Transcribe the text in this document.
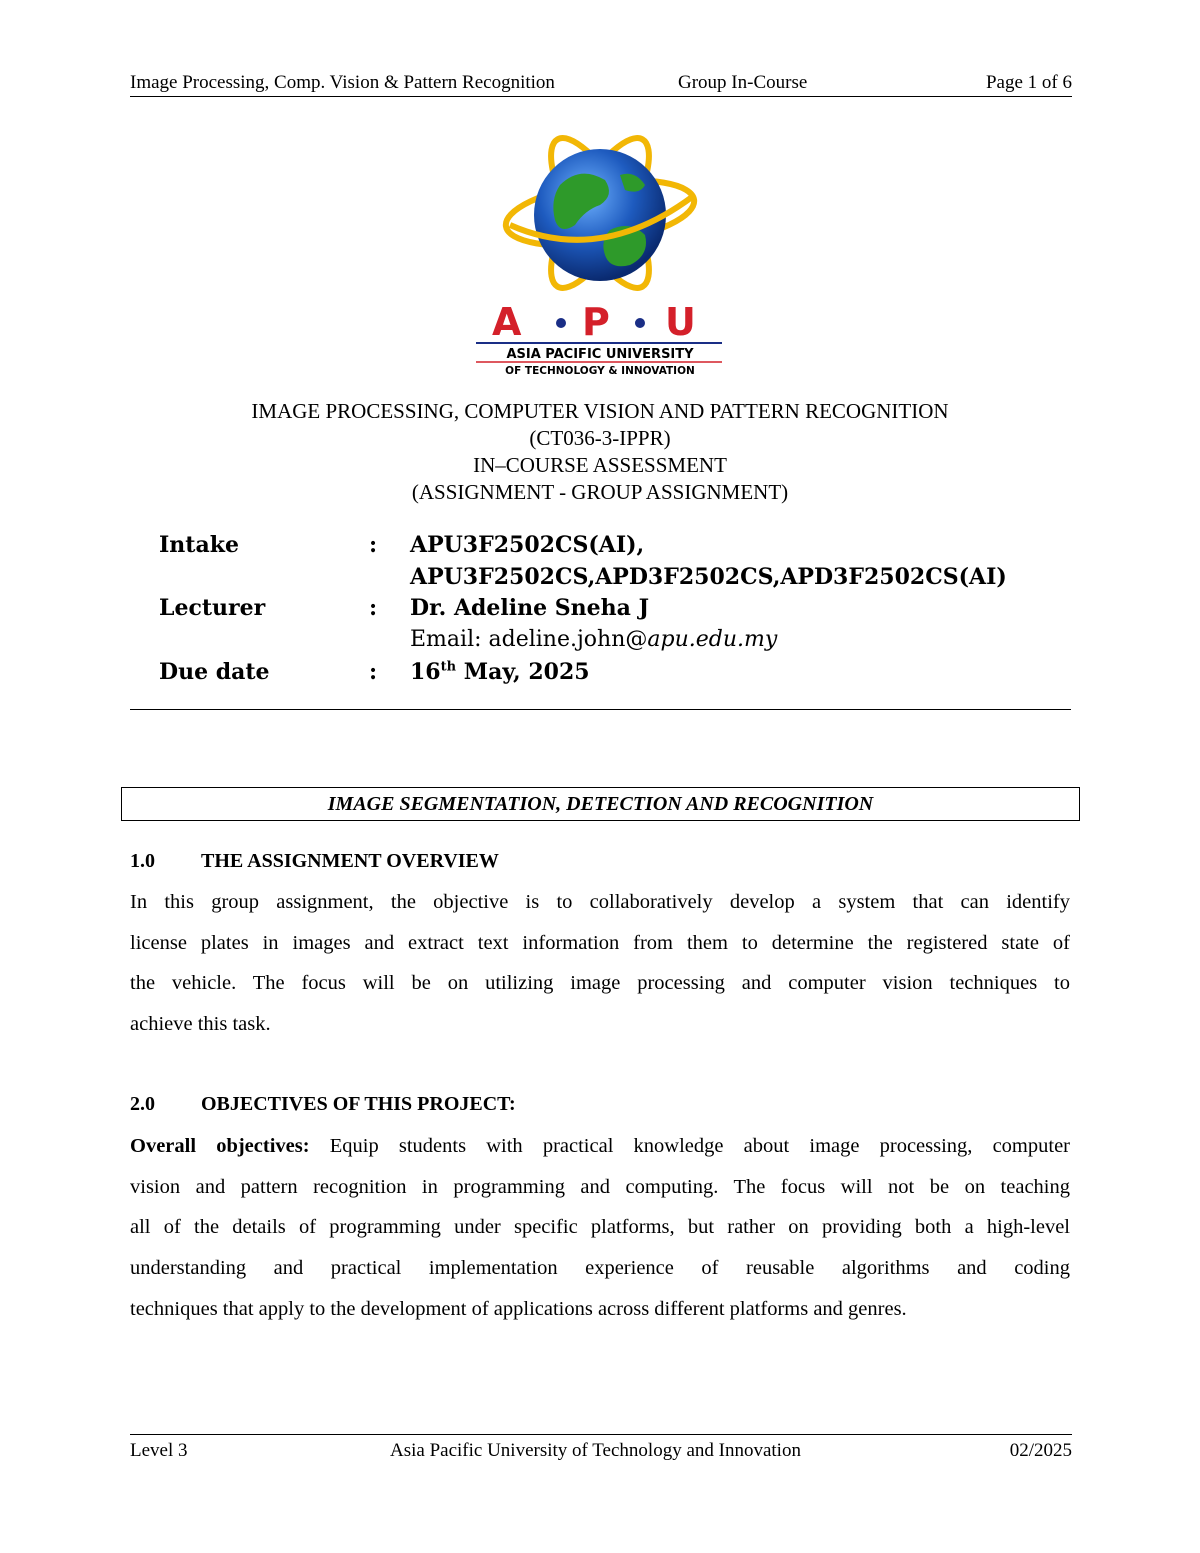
Image Processing, Comp. Vision & Pattern Recognition	Group In-Course	Page 1 of 6
A P U
ASIA PACIFIC UNIVERSITY
OF TECHNOLOGY & INNOVATION
IMAGE PROCESSING, COMPUTER VISION AND PATTERN RECOGNITION
(CT036-3-IPPR)
IN–COURSE ASSESSMENT
(ASSIGNMENT - GROUP ASSIGNMENT)
Intake	: APU3F2502CS(AI),
APU3F2502CS,APD3F2502CS,APD3F2502CS(AI)
Lecturer	: Dr. Adeline Sneha J
Email: adeline.john@apu.edu.my
Due date	: 16th May, 2025
IMAGE SEGMENTATION, DETECTION AND RECOGNITION
1.0 THE ASSIGNMENT OVERVIEW
In this group assignment, the objective is to collaboratively develop a system that can identify
license plates in images and extract text information from them to determine the registered state of
the vehicle. The focus will be on utilizing image processing and computer vision techniques to
achieve this task.
2.0 OBJECTIVES OF THIS PROJECT:
Overall objectives: Equip students with practical knowledge about image processing, computer
vision and pattern recognition in programming and computing. The focus will not be on teaching
all of the details of programming under specific platforms, but rather on providing both a high-level
understanding and practical implementation experience of reusable algorithms and coding
techniques that apply to the development of applications across different platforms and genres.
Level 3	Asia Pacific University of Technology and Innovation	02/2025
